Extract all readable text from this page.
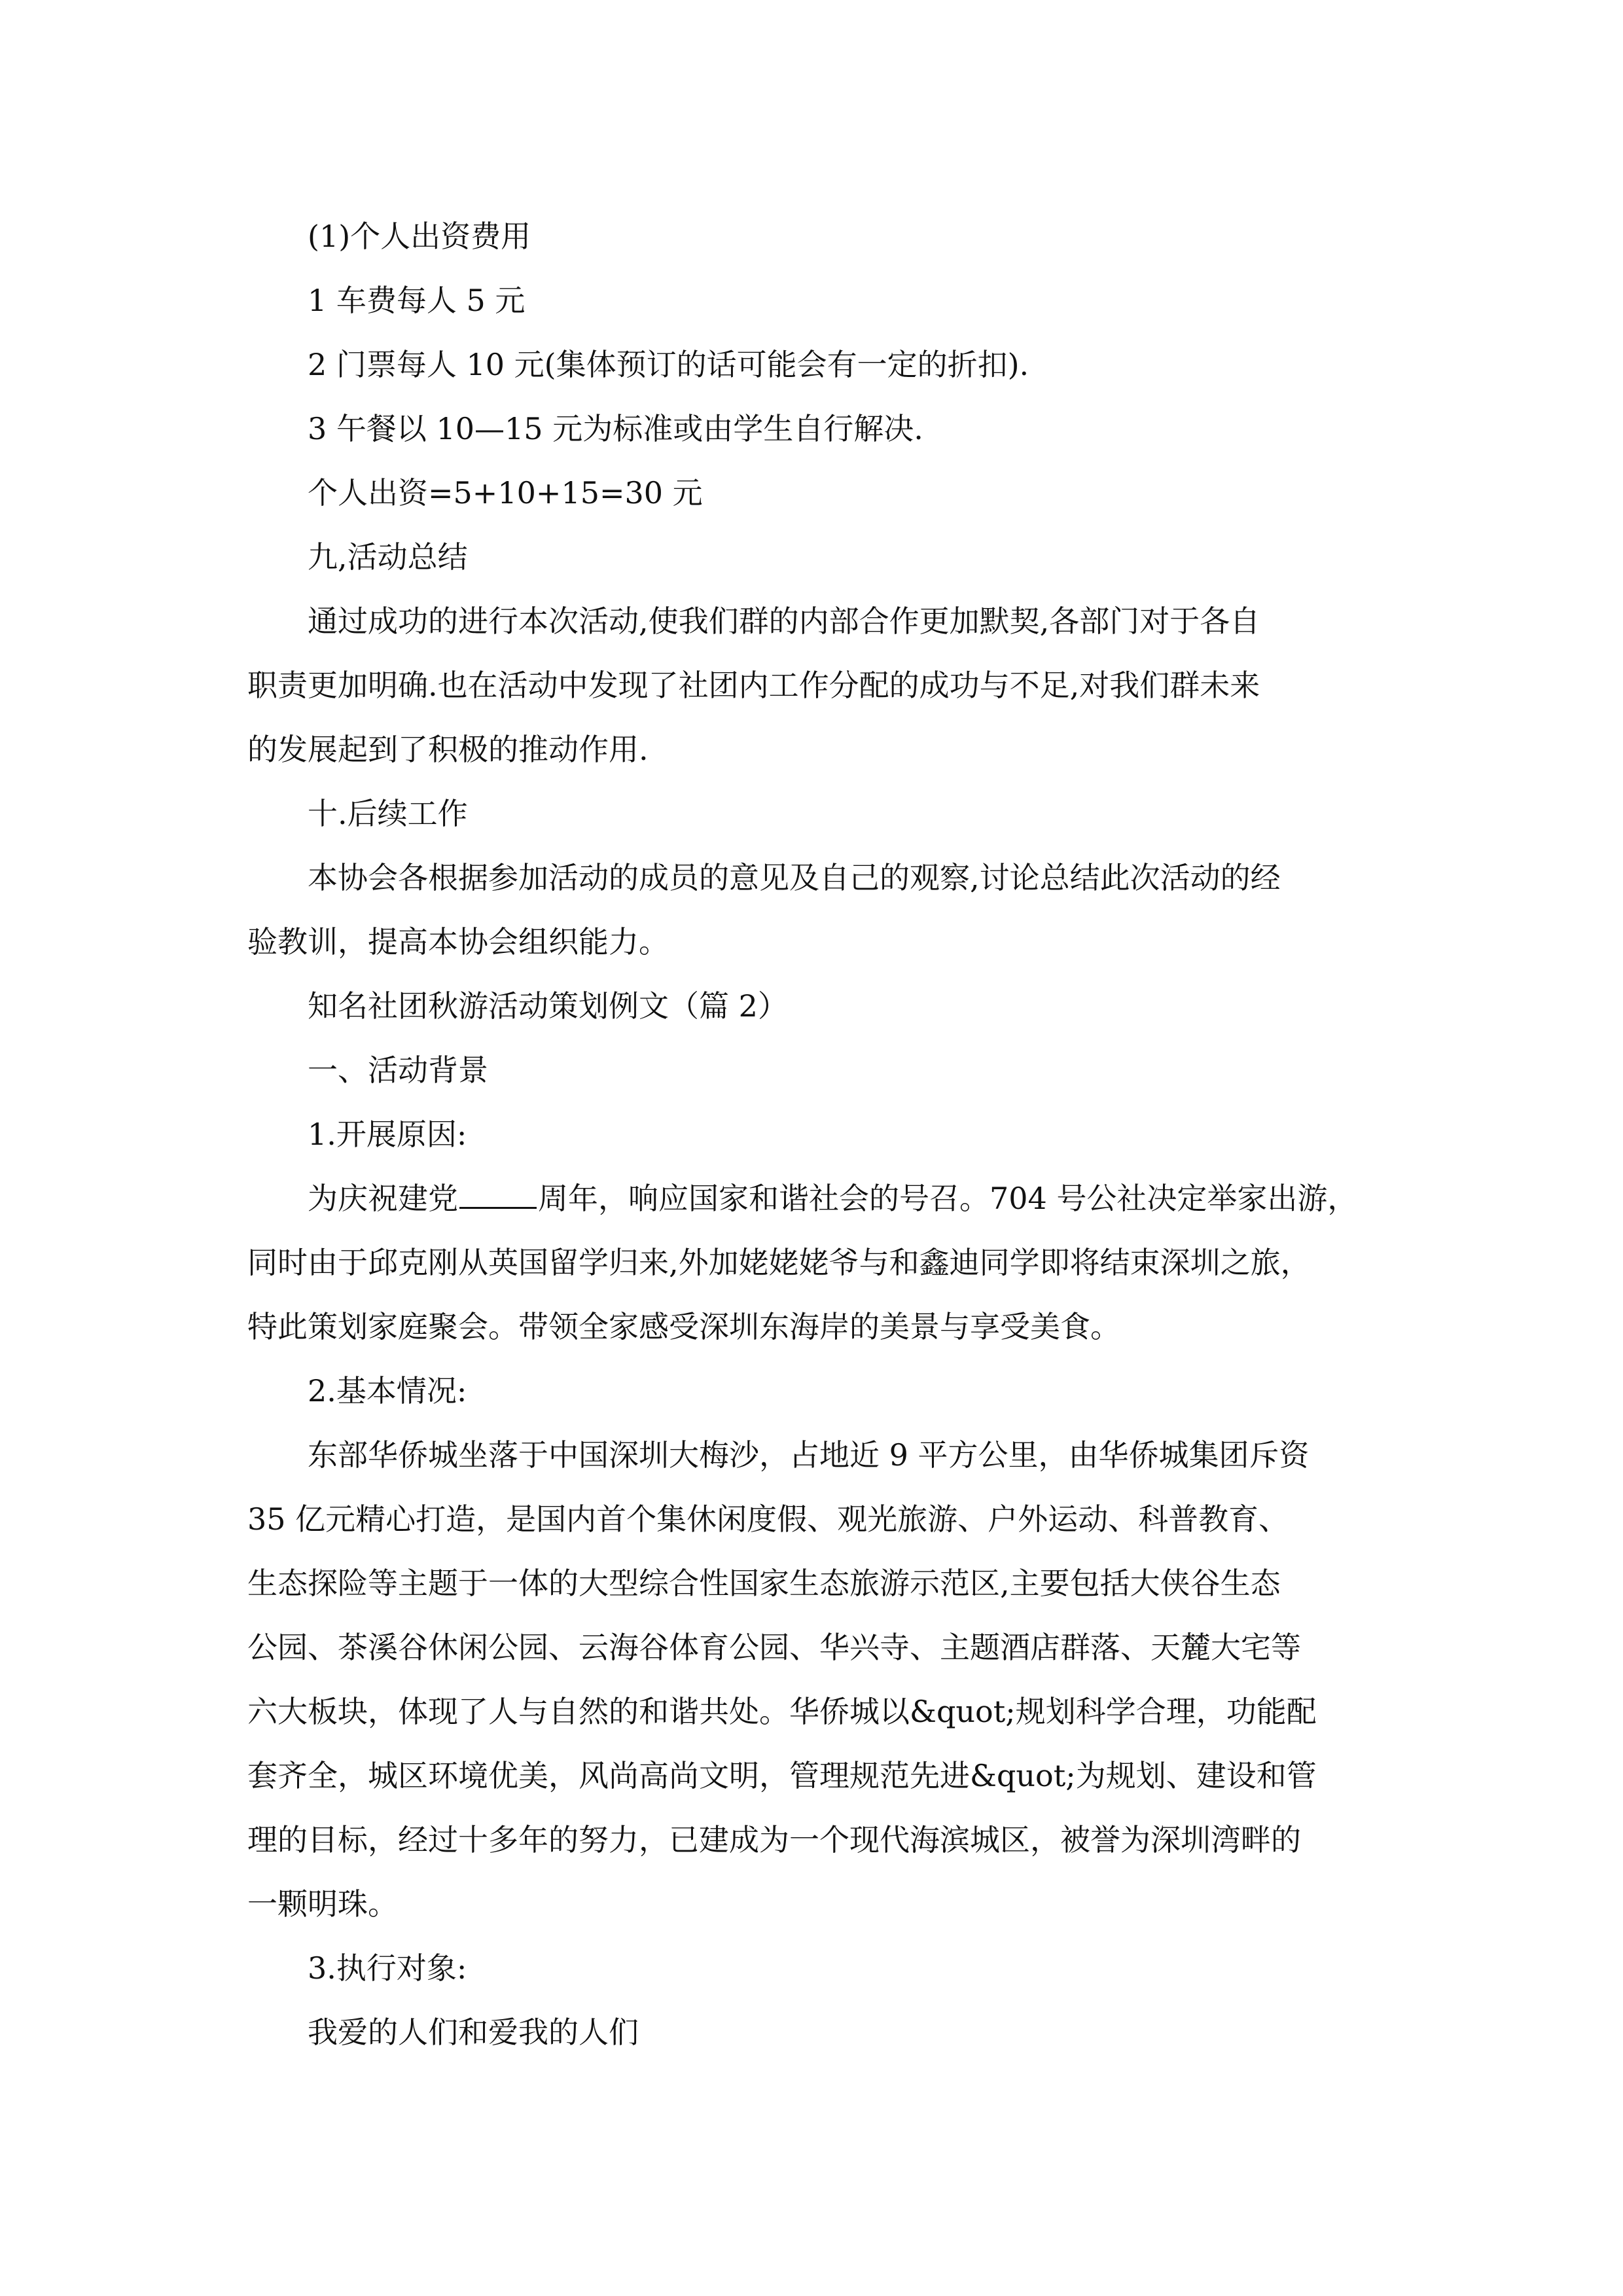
(1)个人出资费用
1 车费每人 5 元
2 门票每人 10 元(集体预订的话可能会有一定的折扣).
3 午餐以 10—15 元为标准或由学生自行解决.
个人出资=5+10+15=30 元
九,活动总结
通过成功的进行本次活动,使我们群的内部合作更加默契,各部门对于各自
职责更加明确.也在活动中发现了社团内工作分配的成功与不足,对我们群未来
的发展起到了积极的推动作用.
十.后续工作
本协会各根据参加活动的成员的意见及自己的观察,讨论总结此次活动的经
验教训，提高本协会组织能力。
知名社团秋游活动策划例文（篇 2）
一、活动背景
1.开展原因:
为庆祝建党	周年，响应国家和谐社会的号召。704 号公社决定举家出游，
同时由于邱克刚从英国留学归来,外加姥姥姥爷与和鑫迪同学即将结束深圳之旅，
特此策划家庭聚会。带领全家感受深圳东海岸的美景与享受美食。
2.基本情况:
东部华侨城坐落于中国深圳大梅沙，占地近 9 平方公里，由华侨城集团斥资
35 亿元精心打造，是国内首个集休闲度假、观光旅游、户外运动、科普教育、
生态探险等主题于一体的大型综合性国家生态旅游示范区,主要包括大侠谷生态
公园、茶溪谷休闲公园、云海谷体育公园、华兴寺、主题酒店群落、天麓大宅等
六大板块，体现了人与自然的和谐共处。华侨城以&quot;规划科学合理，功能配
套齐全，城区环境优美，风尚高尚文明，管理规范先进&quot;为规划、建设和管
理的目标，经过十多年的努力，已建成为一个现代海滨城区，被誉为深圳湾畔的
一颗明珠。
3.执行对象:
我爱的人们和爱我的人们
